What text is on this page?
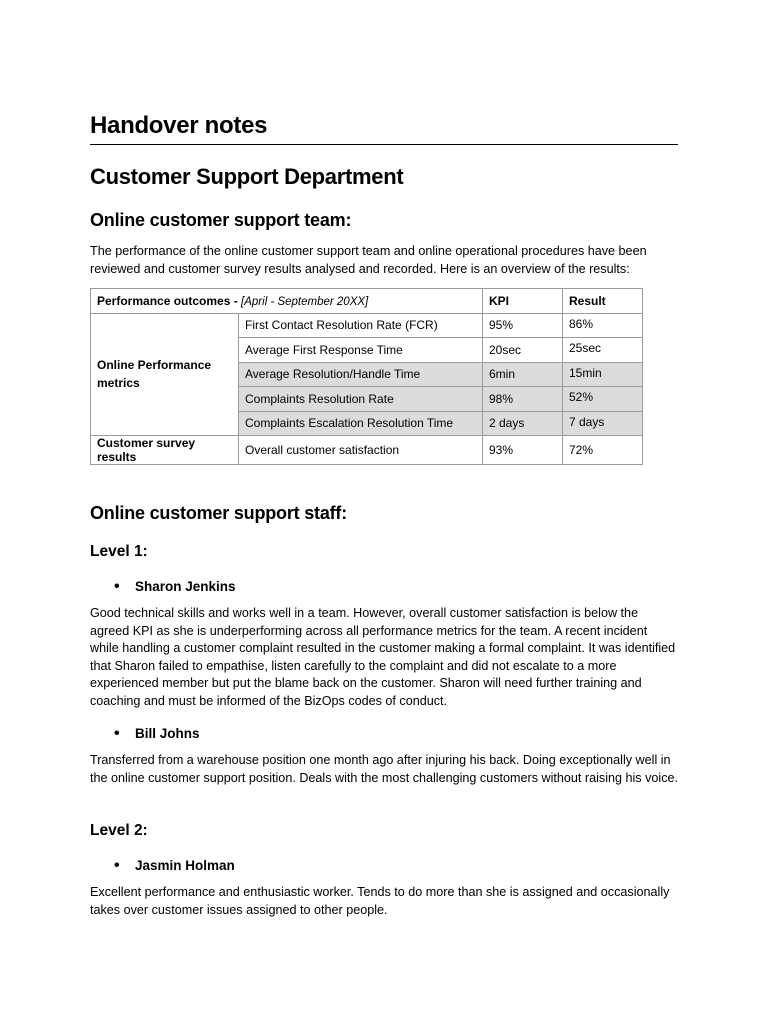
Handover notes
Customer Support Department
Online customer support team:

The performance of the online customer support team and online operational procedures have been reviewed and customer survey results analysed and recorded. Here is an overview of the results:

Performance outcomes - [April - September 20XX]		KPI	Result
Online Performance metrics	First Contact Resolution Rate (FCR)	95%	86%
	Average First Response Time	20sec	25sec
	Average Resolution/Handle Time	6min	15min
	Complaints Resolution Rate	98%	52%
	Complaints Escalation Resolution Time	2 days	7 days
Customer survey results	Overall customer satisfaction	93%	72%
Online customer support staff:
Level 1:
• Sharon Jenkins

Good technical skills and works well in a team. However, overall customer satisfaction is below the agreed KPI as she is underperforming across all performance metrics for the team. A recent incident while handling a customer complaint resulted in the customer making a formal complaint. It was identified that Sharon failed to empathise, listen carefully to the complaint and did not escalate to a more experienced member but put the blame back on the customer. Sharon will need further training and coaching and must be informed of the BizOps codes of conduct.

• Bill Johns

Transferred from a warehouse position one month ago after injuring his back. Doing exceptionally well in the online customer support position. Deals with the most challenging customers without raising his voice.

Level 2:
• Jasmin Holman

Excellent performance and enthusiastic worker. Tends to do more than she is assigned and occasionally takes over customer issues assigned to other people.
